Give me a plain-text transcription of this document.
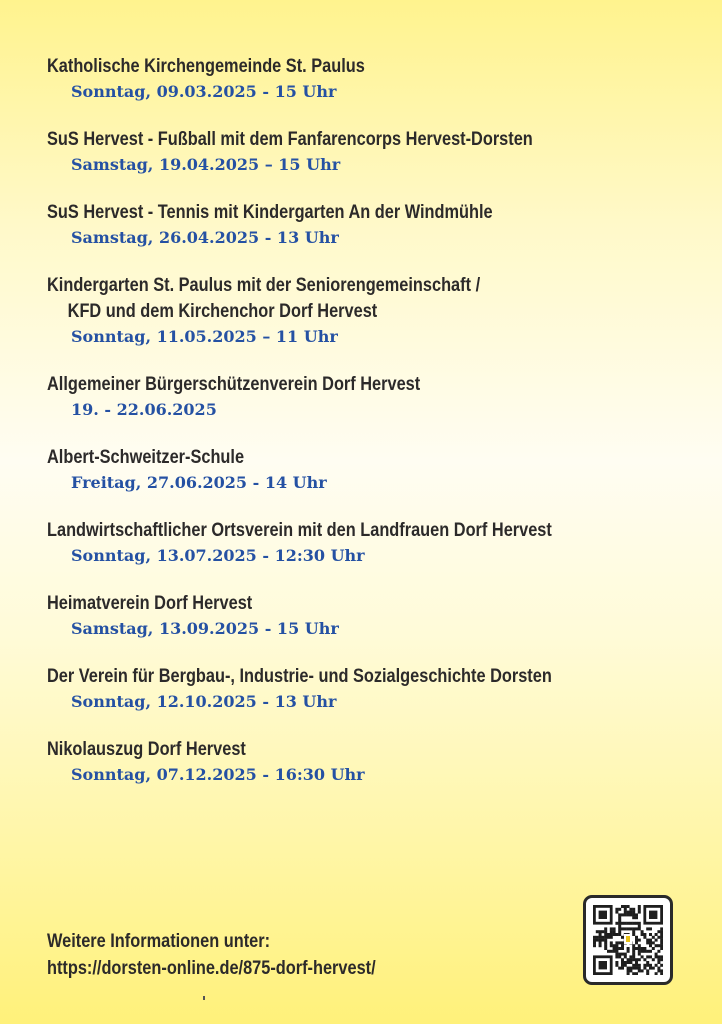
Katholische Kirchengemeinde St. Paulus
Sonntag, 09.03.2025 - 15 Uhr
SuS Hervest - Fußball mit dem Fanfarencorps Hervest-Dorsten
Samstag, 19.04.2025 – 15 Uhr
SuS Hervest - Tennis mit Kindergarten An der Windmühle
Samstag, 26.04.2025 - 13 Uhr
Kindergarten St. Paulus mit der Seniorengemeinschaft /
KFD und dem Kirchenchor Dorf Hervest
Sonntag, 11.05.2025 – 11 Uhr
Allgemeiner Bürgerschützenverein Dorf Hervest
19. - 22.06.2025
Albert-Schweitzer-Schule
Freitag, 27.06.2025 - 14 Uhr
Landwirtschaftlicher Ortsverein mit den Landfrauen Dorf Hervest
Sonntag, 13.07.2025 - 12:30 Uhr
Heimatverein Dorf Hervest
Samstag, 13.09.2025 - 15 Uhr
Der Verein für Bergbau-, Industrie- und Sozialgeschichte Dorsten
Sonntag, 12.10.2025 - 13 Uhr
Nikolauszug Dorf Hervest
Sonntag, 07.12.2025 - 16:30 Uhr
Weitere Informationen unter:
https://dorsten-online.de/875-dorf-hervest/
